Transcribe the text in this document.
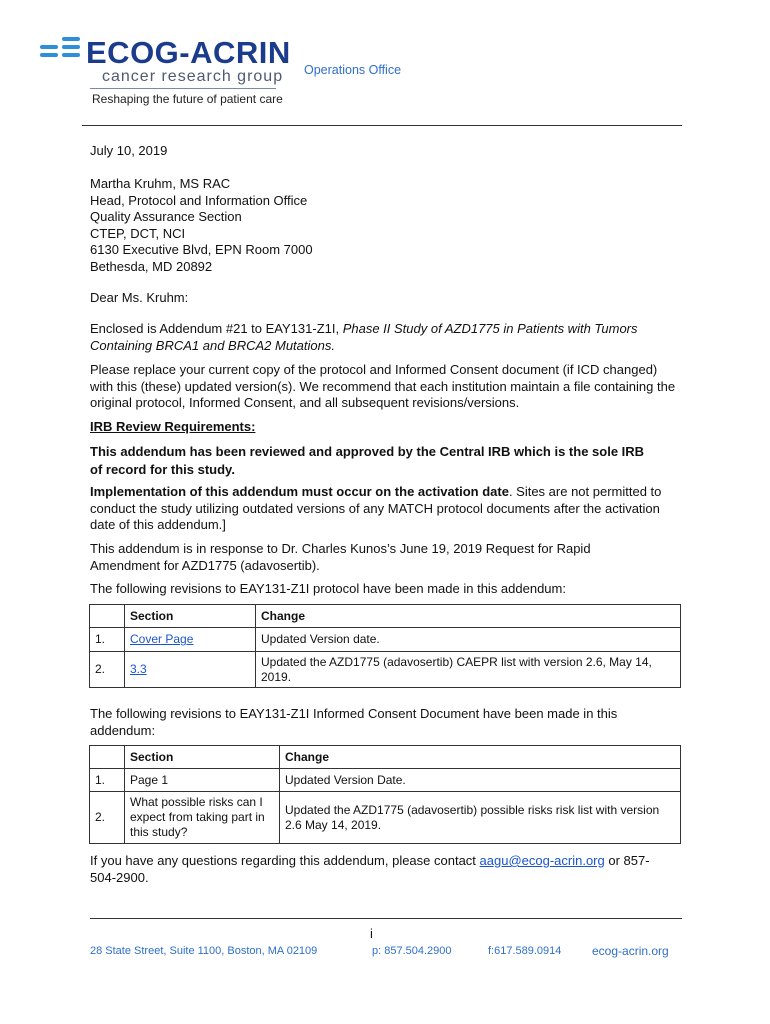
ECOG-ACRIN
cancer research group
Reshaping the future of patient care
Operations Office
July 10, 2019
Martha Kruhm, MS RAC
Head, Protocol and Information Office
Quality Assurance Section
CTEP, DCT, NCI
6130 Executive Blvd, EPN Room 7000
Bethesda, MD 20892
Dear Ms. Kruhm:
Enclosed is Addendum #21 to EAY131-Z1I, Phase II Study of AZD1775 in Patients with Tumors Containing BRCA1 and BRCA2 Mutations.
Please replace your current copy of the protocol and Informed Consent document (if ICD changed) with this (these) updated version(s). We recommend that each institution maintain a file containing the original protocol, Informed Consent, and all subsequent revisions/versions.
IRB Review Requirements:
This addendum has been reviewed and approved by the Central IRB which is the sole IRB of record for this study.
Implementation of this addendum must occur on the activation date. Sites are not permitted to conduct the study utilizing outdated versions of any MATCH protocol documents after the activation date of this addendum.]
This addendum is in response to Dr. Charles Kunos’s June 19, 2019 Request for Rapid Amendment for AZD1775 (adavosertib).
The following revisions to EAY131-Z1I protocol have been made in this addendum:
	Section	Change
1.	Cover Page	Updated Version date.
2.	3.3	Updated the AZD1775 (adavosertib) CAEPR list with version 2.6, May 14, 2019.
The following revisions to EAY131-Z1I Informed Consent Document have been made in this addendum:
	Section	Change
1.	Page 1	Updated Version Date.
2.	What possible risks can I expect from taking part in this study?	Updated the AZD1775 (adavosertib) possible risks risk list with version 2.6 May 14, 2019.
If you have any questions regarding this addendum, please contact aagu@ecog-acrin.org or 857-504-2900.
i
28 State Street, Suite 1100, Boston, MA 02109	p: 857.504.2900	f:617.589.0914	ecog-acrin.org
